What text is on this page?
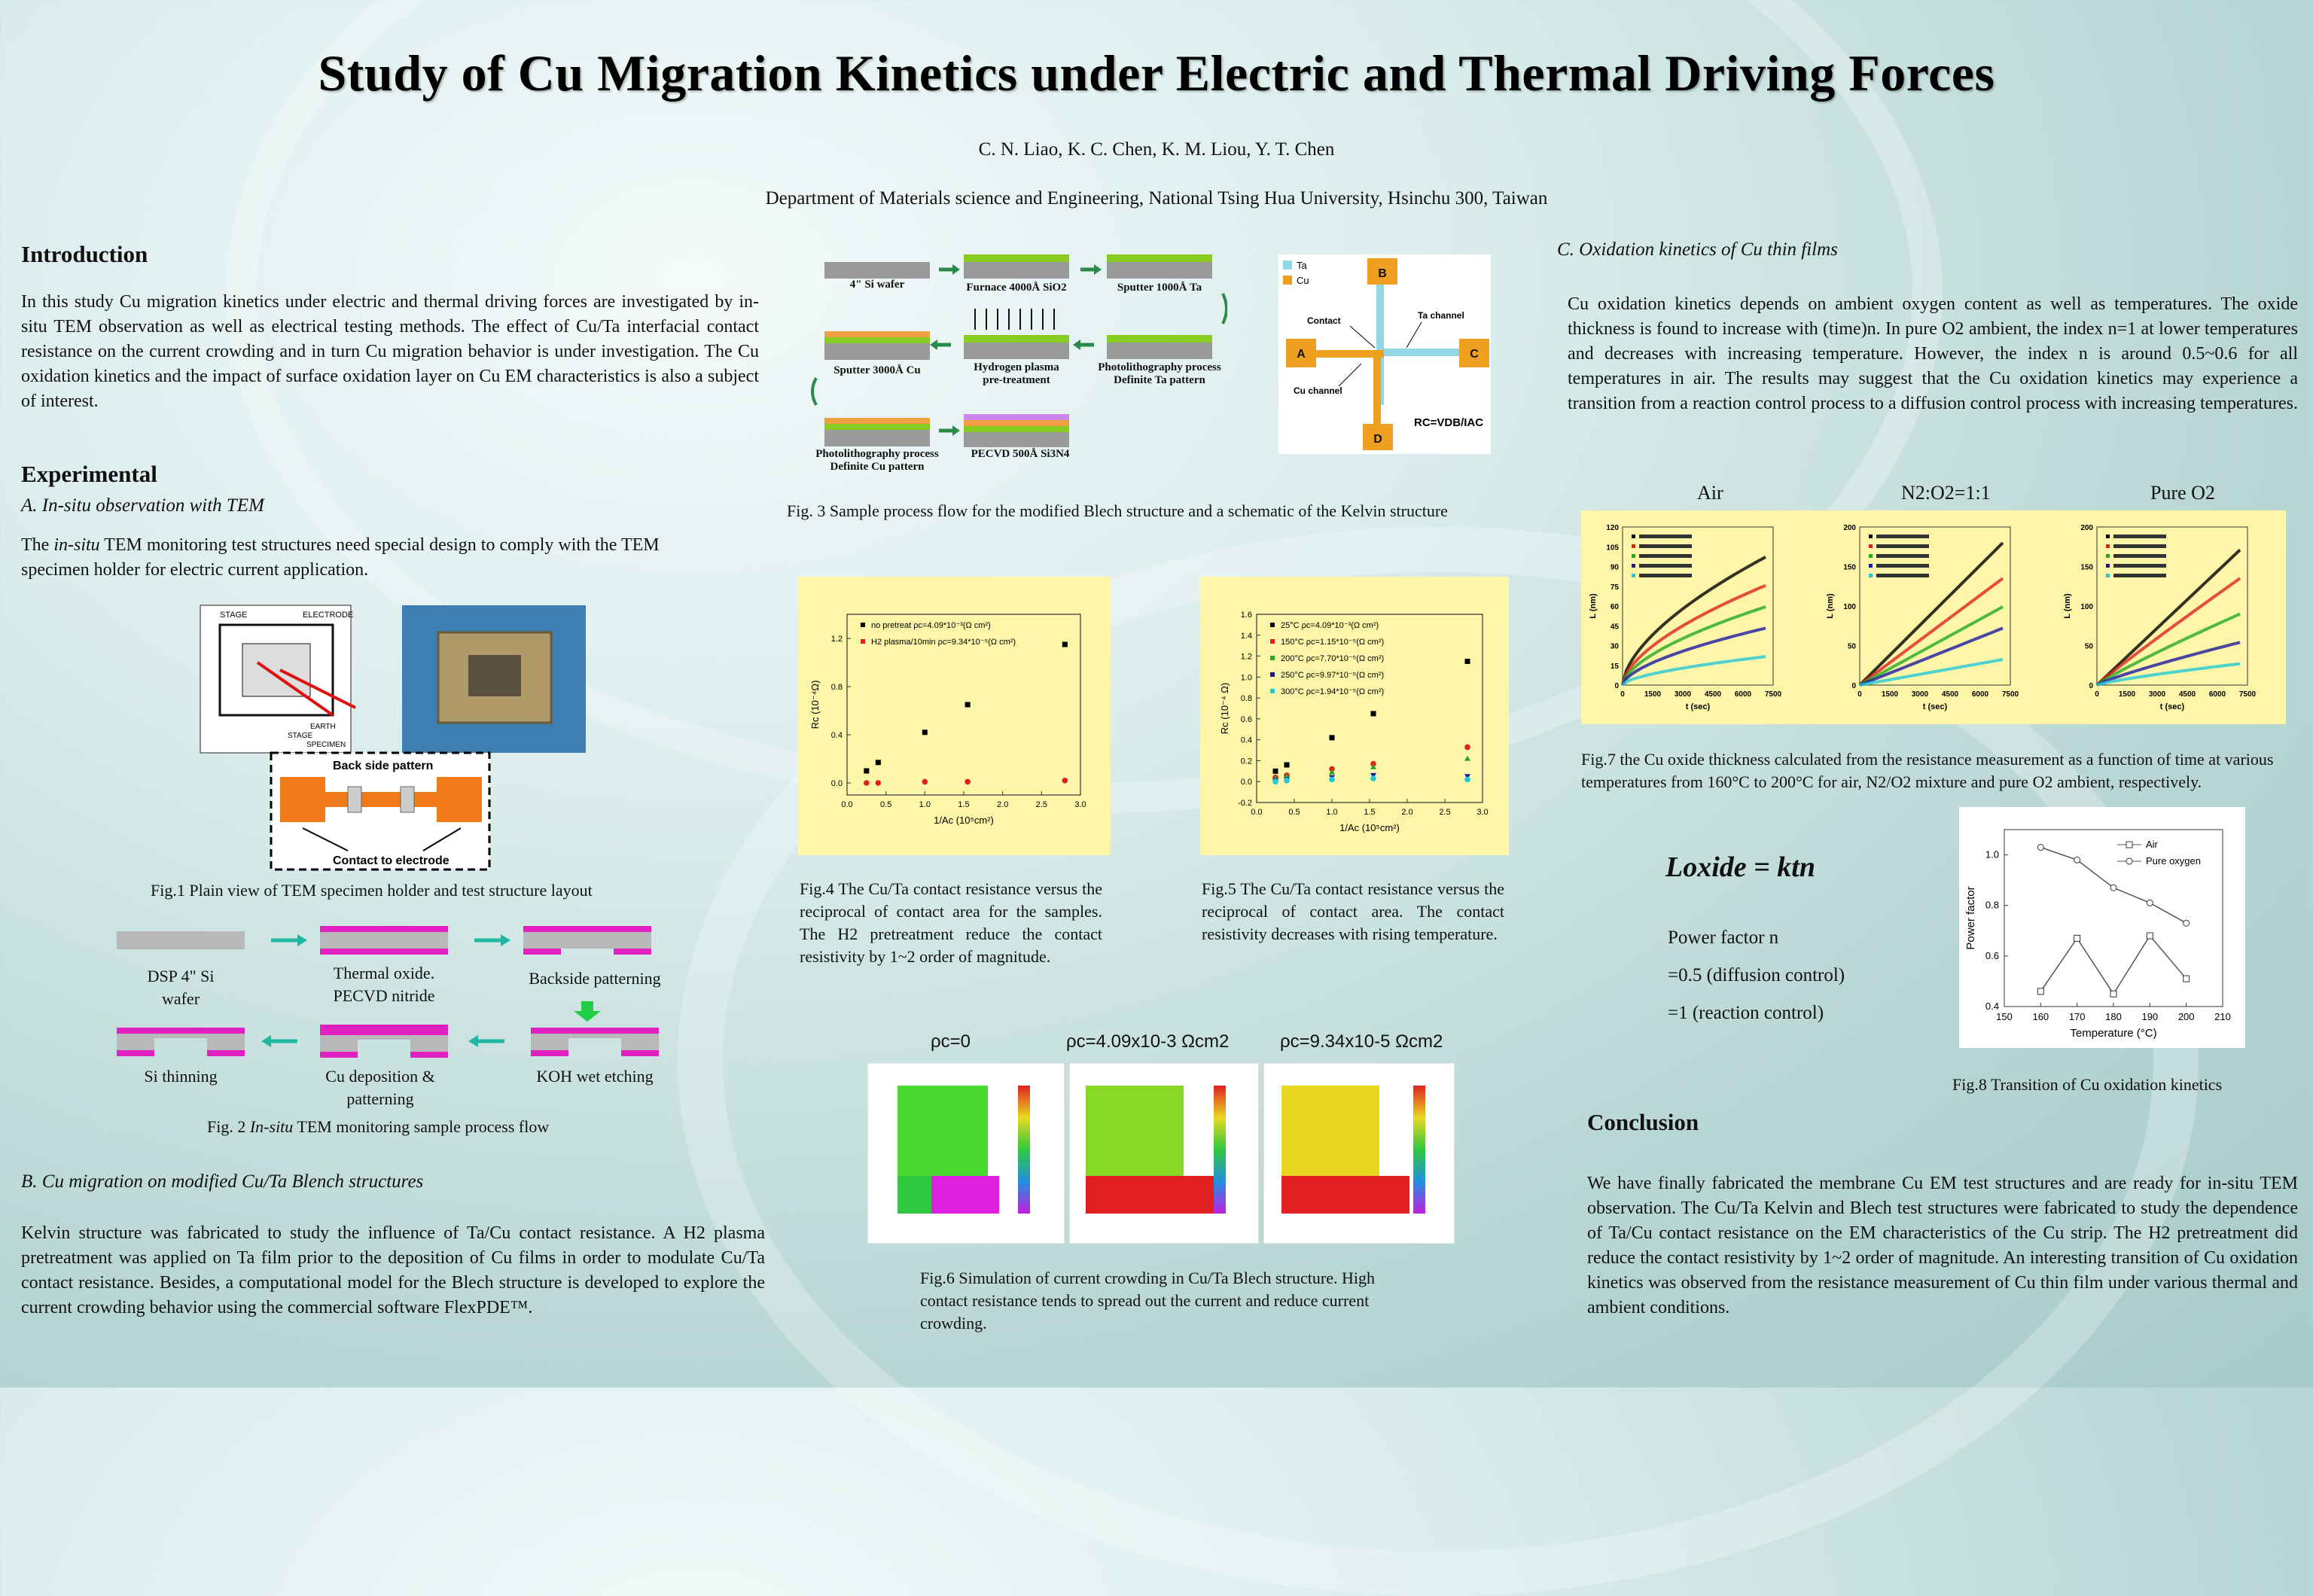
Study of Cu Migration Kinetics under Electric and Thermal Driving Forces
C. N. Liao, K. C. Chen, K. M. Liou, Y. T. Chen
Department of Materials science and Engineering, National Tsing Hua University, Hsinchu 300, Taiwan
Introduction
In this study Cu migration kinetics under electric and thermal driving forces are investigated by in-situ TEM observation as well as electrical testing methods. The effect of Cu/Ta interfacial contact resistance on the current crowding and in turn Cu migration behavior is under investigation. The Cu oxidation kinetics and the impact of surface oxidation layer on Cu EM characteristics is also a subject of interest.
Experimental
A. In-situ observation with TEM
The in-situ TEM monitoring test structures need special design to comply with the TEM specimen holder for electric current application.
STAGE	ELECTRODE
EARTH
STAGE
SPECIMEN
Back side pattern
Contact to electrode
Fig.1 Plain view of TEM specimen holder and test structure layout
DSP 4" Si
wafer
Thermal oxide.
PECVD nitride
Backside patterning
Si thinning	Cu deposition &
patterning
KOH wet etching
Fig. 2 In-situ TEM monitoring sample process flow
B. Cu migration on modified Cu/Ta Blench structures
Kelvin structure was fabricated to study the influence of Ta/Cu contact resistance. A H2 plasma pretreatment was applied on Ta film prior to the deposition of Cu films in order to modulate Cu/Ta contact resistance. Besides, a computational model for the Blech structure is developed to explore the current crowding behavior using the commercial software FlexPDE™.
4" Si wafer	Furnace 4000Å SiO2	Sputter 1000Å Ta
Sputter 3000Å Cu	Hydrogen plasma
pre-treatment
Photolithography process
Definite Ta pattern
Photolithography process
Definite Cu pattern
PECVD 500Å Si3N4
Ta
Cu
B
A	C
D
Contact	Ta channel
Cu channel
RC=VDB/IAC
Fig. 3 Sample process flow for the modified Blech structure and a schematic of the Kelvin structure
0.0	0.5	1.0	1.5	2.0	2.5	3.0
0.0
0.4
0.8
1.2
1/Ac (10⁵cm²)
Rc (10⁻⁴Ω)
no pretreat ρc=4.09*10⁻³(Ω cm²)
H2 plasma/10min ρc=9.34*10⁻⁵(Ω cm²)
Fig.4 The Cu/Ta contact resistance versus the reciprocal of contact area for the samples. The H2 pretreatment reduce the contact resistivity by 1~2 order of magnitude.
0.0	0.5	1.0	1.5	2.0	2.5	3.0
-0.2
0.0
0.2
0.4
0.6
0.8
1.0
1.2
1.4
1.6
1/Ac (10⁵cm²)
Rc (10⁻⁴ Ω)
25°C ρc=4.09*10⁻³(Ω cm²)
150°C ρc=1.15*10⁻⁵(Ω cm²)
200°C ρc=7.70*10⁻⁵(Ω cm²)
250°C ρc=9.97*10⁻⁵(Ω cm²)
300°C ρc=1.94*10⁻⁵(Ω cm²)
Fig.5 The Cu/Ta contact resistance versus the reciprocal of contact area. The contact resistivity decreases with rising temperature.
ρc=0	ρc=4.09x10-3 Ωcm2	ρc=9.34x10-5 Ωcm2
Fig.6 Simulation of current crowding in Cu/Ta Blech structure. High contact resistance tends to spread out the current and reduce current crowding.
C. Oxidation kinetics of Cu thin films
Cu oxidation kinetics depends on ambient oxygen content as well as temperatures. The oxide thickness is found to increase with (time)n. In pure O2 ambient, the index n=1 at lower temperatures and decreases with increasing temperature. However, the index n is around 0.5~0.6 for all temperatures in air. The results may suggest that the Cu oxidation kinetics may experience a transition from a reaction control process to a diffusion control process with increasing temperatures.
Air	N2:O2=1:1	Pure O2
0
15
30
45
60
75
90
105
120
0	1500 3000 4500 6000 7500
t (sec)
L (nm)
0
50
100
150
200
0	1500 3000 4500 6000 7500
t (sec)
L (nm)
0
50
100
150
200
0	1500 3000 4500 6000 7500
t (sec)
L (nm)
Fig.7 the Cu oxide thickness calculated from the resistance measurement as a function of time at various temperatures from 160°C to 200°C for air, N2/O2 mixture and pure O2 ambient, respectively.
Loxide = ktn
Power factor n
=0.5 (diffusion control)
=1 (reaction control)	150 160 170 180 190 200 210
0.4
0.6
0.8
1.0
Temperature (°C)
Power factor
Air
Pure oxygen
Fig.8 Transition of Cu oxidation kinetics
Conclusion
We have finally fabricated the membrane Cu EM test structures and are ready for in-situ TEM observation. The Cu/Ta Kelvin and Blech test structures were fabricated to study the dependence of Ta/Cu contact resistance on the EM characteristics of the Cu strip. The H2 pretreatment did reduce the contact resistivity by 1~2 order of magnitude. An interesting transition of Cu oxidation kinetics was observed from the resistance measurement of Cu thin film under various thermal and ambient conditions.
